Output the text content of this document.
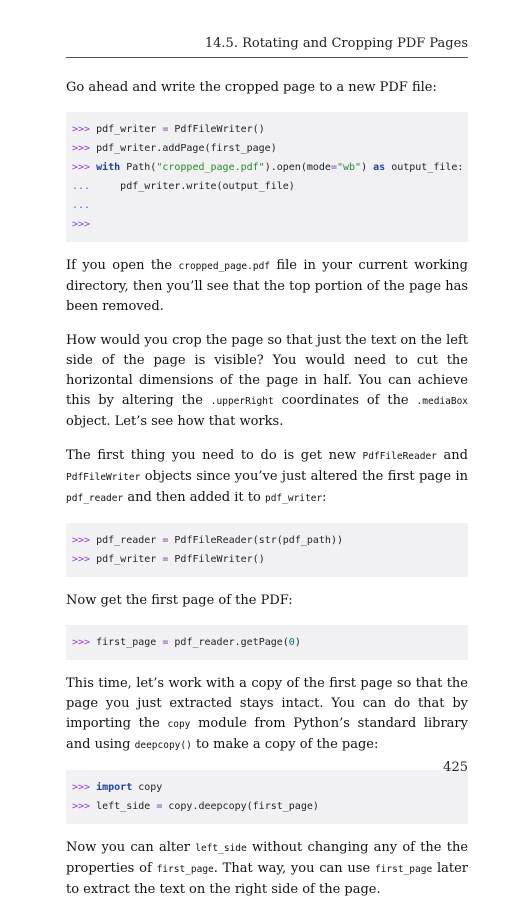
14.5. Rotating and Cropping PDF Pages

Go ahead and write the cropped page to a new PDF file:

>>> pdf_writer = PdfFileWriter()
>>> pdf_writer.addPage(first_page)
>>> with Path("cropped_page.pdf").open(mode="wb") as output_file:
...     pdf_writer.write(output_file)
...
>>>

If you open the cropped_page.pdf file in your current working directory, then you’ll see that the top portion of the page has been removed.

How would you crop the page so that just the text on the left side of the page is visible? You would need to cut the horizontal dimensions of the page in half. You can achieve this by altering the .upperRight coordinates of the .mediaBox object. Let’s see how that works.

The first thing you need to do is get new PdfFileReader and PdfFileWriter objects since you’ve just altered the first page in pdf_reader and then added it to pdf_writer:

>>> pdf_reader = PdfFileReader(str(pdf_path))
>>> pdf_writer = PdfFileWriter()

Now get the first page of the PDF:

>>> first_page = pdf_reader.getPage(0)

This time, let’s work with a copy of the first page so that the page you just extracted stays intact. You can do that by importing the copy module from Python’s standard library and using deepcopy() to make a copy of the page:

>>> import copy
>>> left_side = copy.deepcopy(first_page)

Now you can alter left_side without changing any of the the properties of first_page. That way, you can use first_page later to extract the text on the right side of the page.

425
